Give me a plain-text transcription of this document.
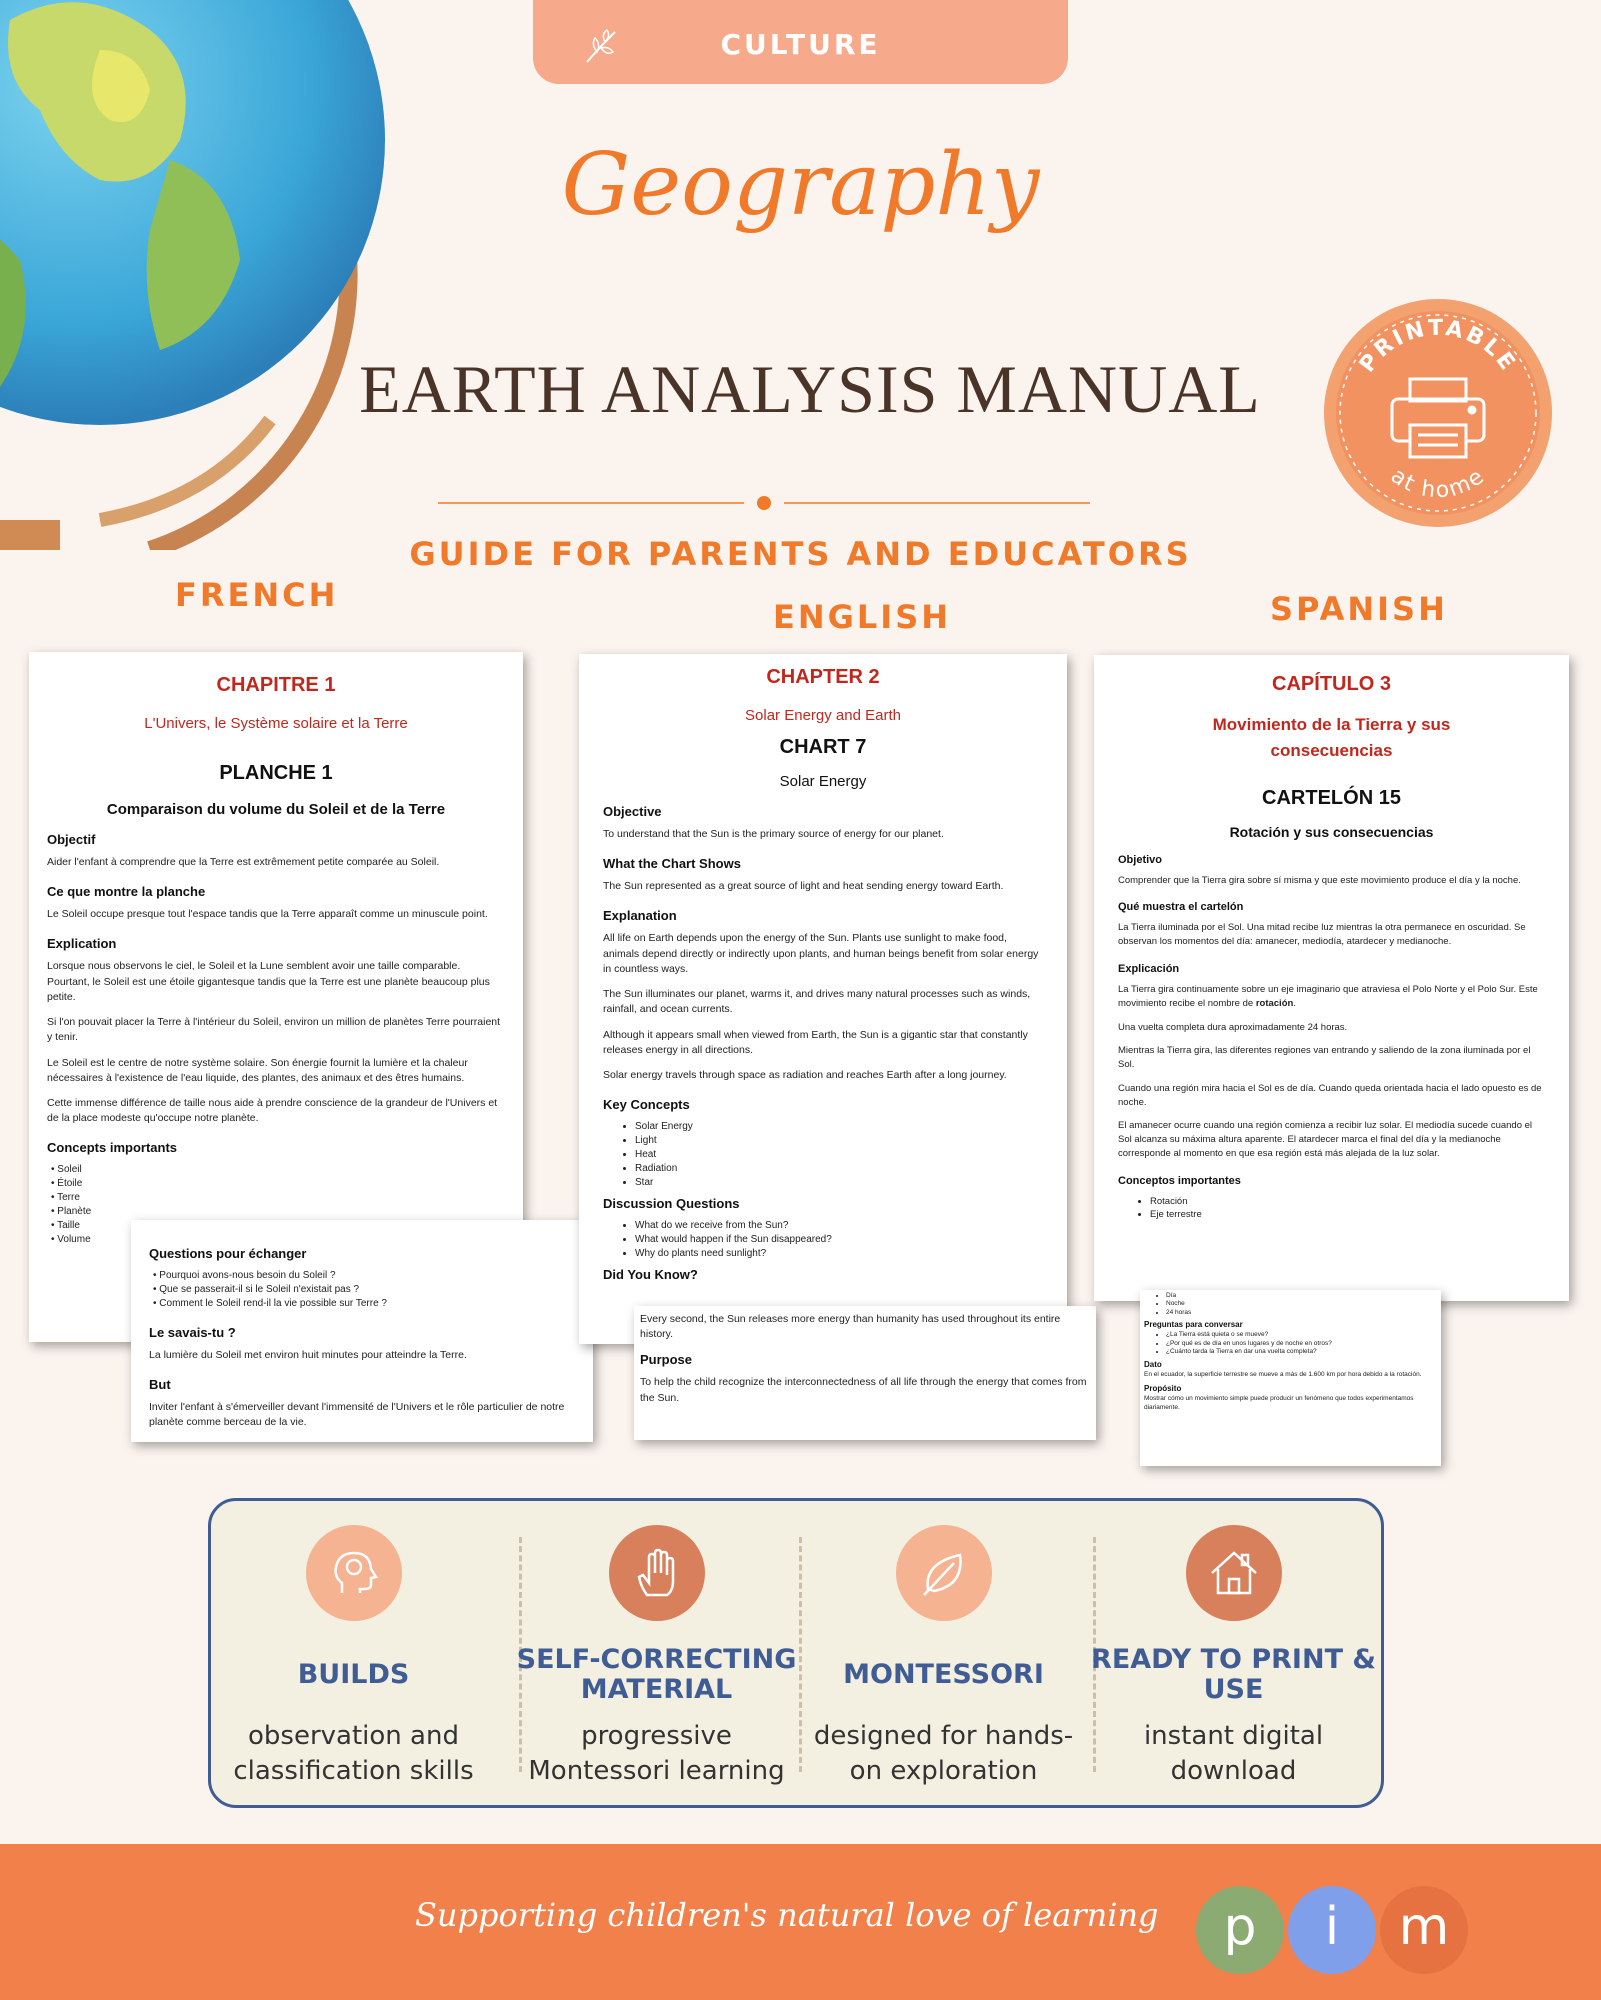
CULTURE
Geography
EARTH ANALYSIS MANUAL
GUIDE FOR PARENTS AND EDUCATORS
FRENCH
ENGLISH	SPANISH
PRINTABLE
at home
CHAPITRE 1
L'Univers, le Système solaire et la Terre
PLANCHE 1
Comparaison du volume du Soleil et de la Terre
Objectif

Aider l'enfant à comprendre que la Terre est extrêmement petite comparée au Soleil.

Ce que montre la planche

Le Soleil occupe presque tout l'espace tandis que la Terre apparaît comme un minuscule point.

Explication

Lorsque nous observons le ciel, le Soleil et la Lune semblent avoir une taille comparable. Pourtant, le Soleil est une étoile gigantesque tandis que la Terre est une planète beaucoup plus petite.

Si l'on pouvait placer la Terre à l'intérieur du Soleil, environ un million de planètes Terre pourraient y tenir.

Le Soleil est le centre de notre système solaire. Son énergie fournit la lumière et la chaleur nécessaires à l'existence de l'eau liquide, des plantes, des animaux et des êtres humains.

Cette immense différence de taille nous aide à prendre conscience de la grandeur de l'Univers et de la place modeste qu'occupe notre planète.

Concepts importants
• Soleil
• Étoile
• Terre
• Planète
• Taille
• Volume
Questions pour échanger
• Pourquoi avons-nous besoin du Soleil ?
• Que se passerait-il si le Soleil n'existait pas ?
• Comment le Soleil rend-il la vie possible sur Terre ?
Le savais-tu ?

La lumière du Soleil met environ huit minutes pour atteindre la Terre.

But

Inviter l'enfant à s'émerveiller devant l'immensité de l'Univers et le rôle particulier de notre planète comme berceau de la vie.

CHAPTER 2
Solar Energy and Earth
CHART 7
Solar Energy
Objective

To understand that the Sun is the primary source of energy for our planet.

What the Chart Shows

The Sun represented as a great source of light and heat sending energy toward Earth.

Explanation

All life on Earth depends upon the energy of the Sun. Plants use sunlight to make food, animals depend directly or indirectly upon plants, and human beings benefit from solar energy in countless ways.

The Sun illuminates our planet, warms it, and drives many natural processes such as winds, rainfall, and ocean currents.

Although it appears small when viewed from Earth, the Sun is a gigantic star that constantly releases energy in all directions.

Solar energy travels through space as radiation and reaches Earth after a long journey.

Key Concepts
• Solar Energy
• Light
• Heat
• Radiation
• Star
Discussion Questions
• What do we receive from the Sun?
• What would happen if the Sun disappeared?
• Why do plants need sunlight?
Did You Know?

Every second, the Sun releases more energy than humanity has used throughout its entire history.

Purpose

To help the child recognize the interconnectedness of all life through the energy that comes from the Sun.

CAPÍTULO 3
Movimiento de la Tierra y sus consecuencias
CARTELÓN 15
Rotación y sus consecuencias
Objetivo

Comprender que la Tierra gira sobre sí misma y que este movimiento produce el día y la noche.

Qué muestra el cartelón

La Tierra iluminada por el Sol. Una mitad recibe luz mientras la otra permanece en oscuridad. Se observan los momentos del día: amanecer, mediodía, atardecer y medianoche.

Explicación

La Tierra gira continuamente sobre un eje imaginario que atraviesa el Polo Norte y el Polo Sur. Este movimiento recibe el nombre de rotación.

Una vuelta completa dura aproximadamente 24 horas.

Mientras la Tierra gira, las diferentes regiones van entrando y saliendo de la zona iluminada por el Sol.

Cuando una región mira hacia el Sol es de día. Cuando queda orientada hacia el lado opuesto es de noche.

El amanecer ocurre cuando una región comienza a recibir luz solar. El mediodía sucede cuando el Sol alcanza su máxima altura aparente. El atardecer marca el final del día y la medianoche corresponde al momento en que esa región está más alejada de la luz solar.

Conceptos importantes
• Rotación
• Eje terrestre
• Día
• Noche
• 24 horas
Preguntas para conversar
• ¿La Tierra está quieta o se mueve?
• ¿Por qué es de día en unos lugares y de noche en otros?
• ¿Cuánto tarda la Tierra en dar una vuelta completa?
Dato

En el ecuador, la superficie terrestre se mueve a más de 1.600 km por hora debido a la rotación.

Propósito

Mostrar cómo un movimiento simple puede producir un fenómeno que todos experimentamos diariamente.

BUILDS
observation and classification skills
SELF-CORRECTING MATERIAL
progressive Montessori learning
MONTESSORI
designed for hands-on exploration
READY TO PRINT & USE
instant digital download
Supporting children's natural love of learning	p	i	m
